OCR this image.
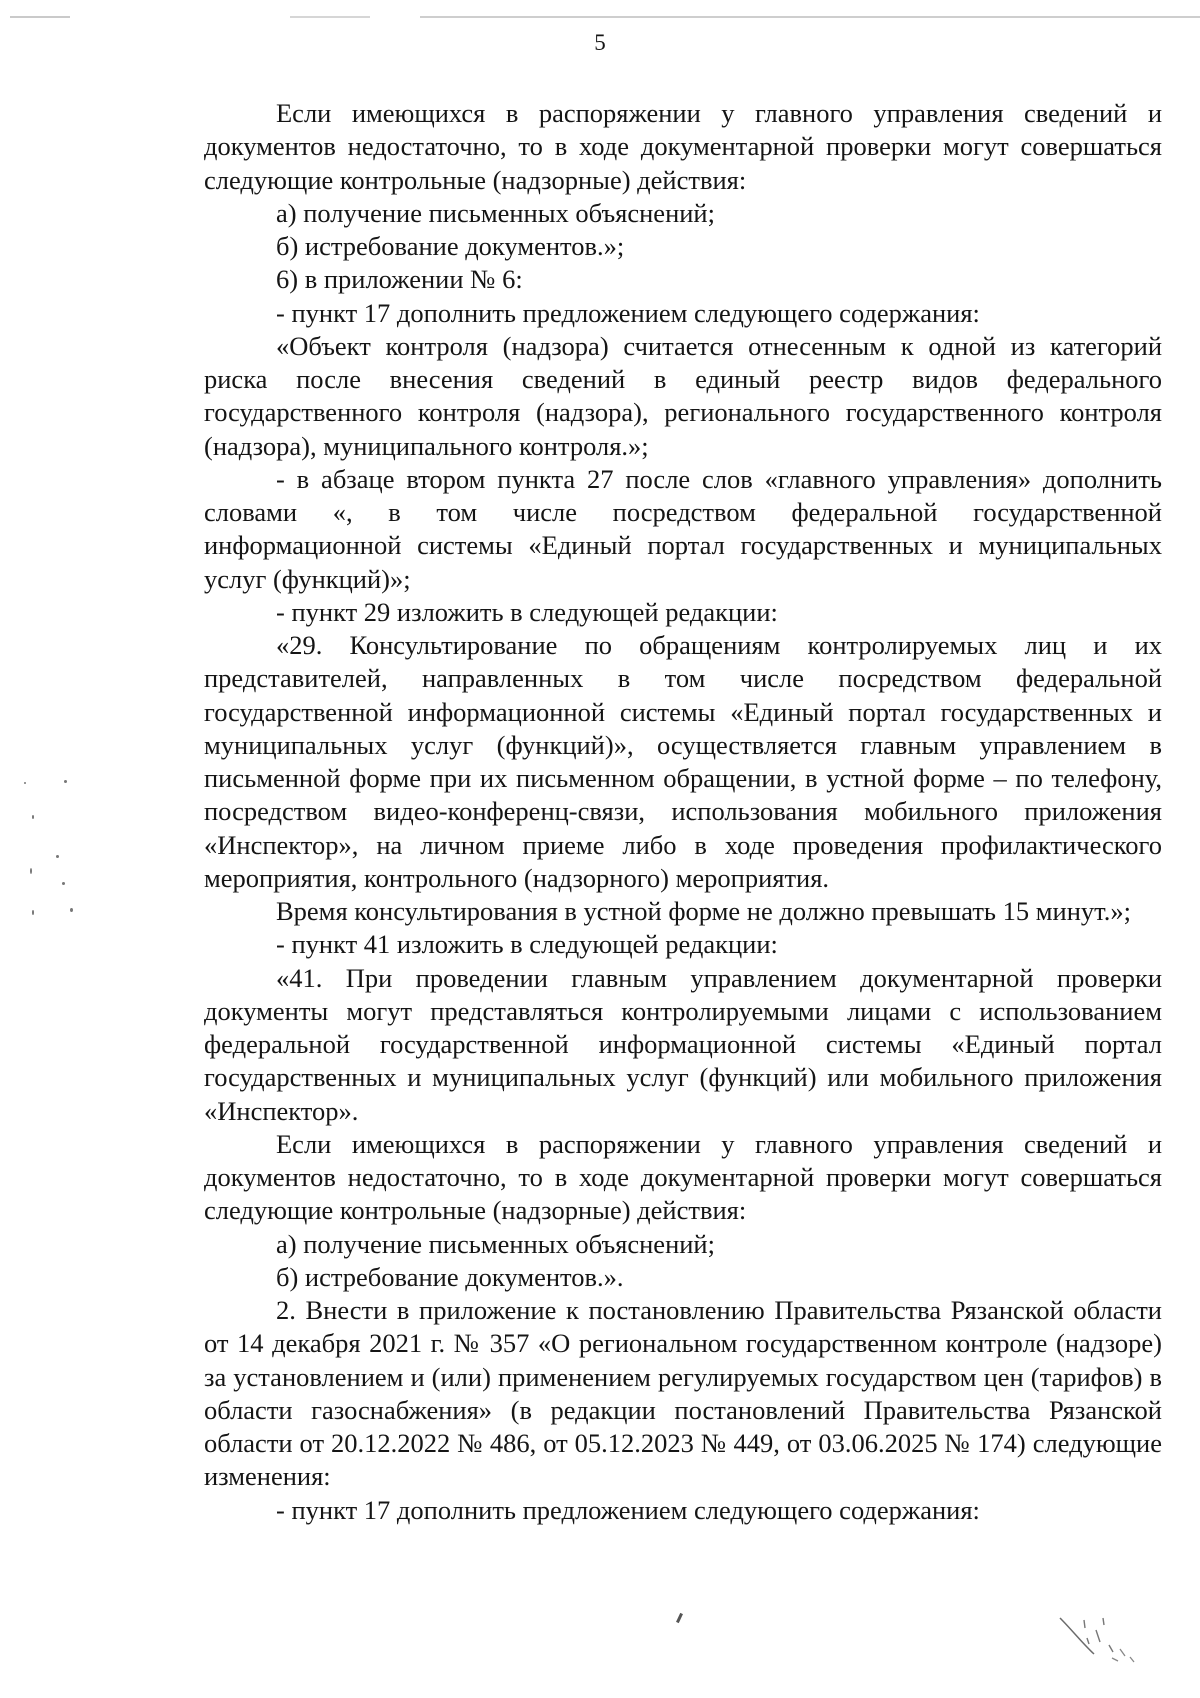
5

Если имеющихся в распоряжении у главного управления сведений и документов недостаточно, то в ходе документарной проверки могут совершаться следующие контрольные (надзорные) действия:

а) получение письменных объяснений;

б) истребование документов.»;

6) в приложении № 6:

- пункт 17 дополнить предложением следующего содержания:

«Объект контроля (надзора) считается отнесенным к одной из категорий риска после внесения сведений в единый реестр видов федерального государственного контроля (надзора), регионального государственного контроля (надзора), муниципального контроля.»;

- в абзаце втором пункта 27 после слов «главного управления» дополнить словами «, в том числе посредством федеральной государственной информационной системы «Единый портал государственных и муниципальных услуг (функций)»;

- пункт 29 изложить в следующей редакции:

«29. Консультирование по обращениям контролируемых лиц и их представителей, направленных в том числе посредством федеральной государственной информационной системы «Единый портал государственных и муниципальных услуг (функций)», осуществляется главным управлением в письменной форме при их письменном обращении, в устной форме – по телефону, посредством видео-конференц-связи, использования мобильного приложения «Инспектор», на личном приеме либо в ходе проведения профилактического мероприятия, контрольного (надзорного) мероприятия.

Время консультирования в устной форме не должно превышать 15 минут.»;

- пункт 41 изложить в следующей редакции:

«41. При проведении главным управлением документарной проверки документы могут представляться контролируемыми лицами с использованием федеральной государственной информационной системы «Единый портал государственных и муниципальных услуг (функций) или мобильного приложения «Инспектор».

Если имеющихся в распоряжении у главного управления сведений и документов недостаточно, то в ходе документарной проверки могут совершаться следующие контрольные (надзорные) действия:

а) получение письменных объяснений;

б) истребование документов.».

2. Внести в приложение к постановлению Правительства Рязанской области от 14 декабря 2021 г. № 357 «О региональном государственном контроле (надзоре) за установлением и (или) применением регулируемых государством цен (тарифов) в области газоснабжения» (в редакции постановлений Правительства Рязанской области от 20.12.2022 № 486, от 05.12.2023 № 449, от 03.06.2025 № 174) следующие изменения:

- пункт 17 дополнить предложением следующего содержания:
